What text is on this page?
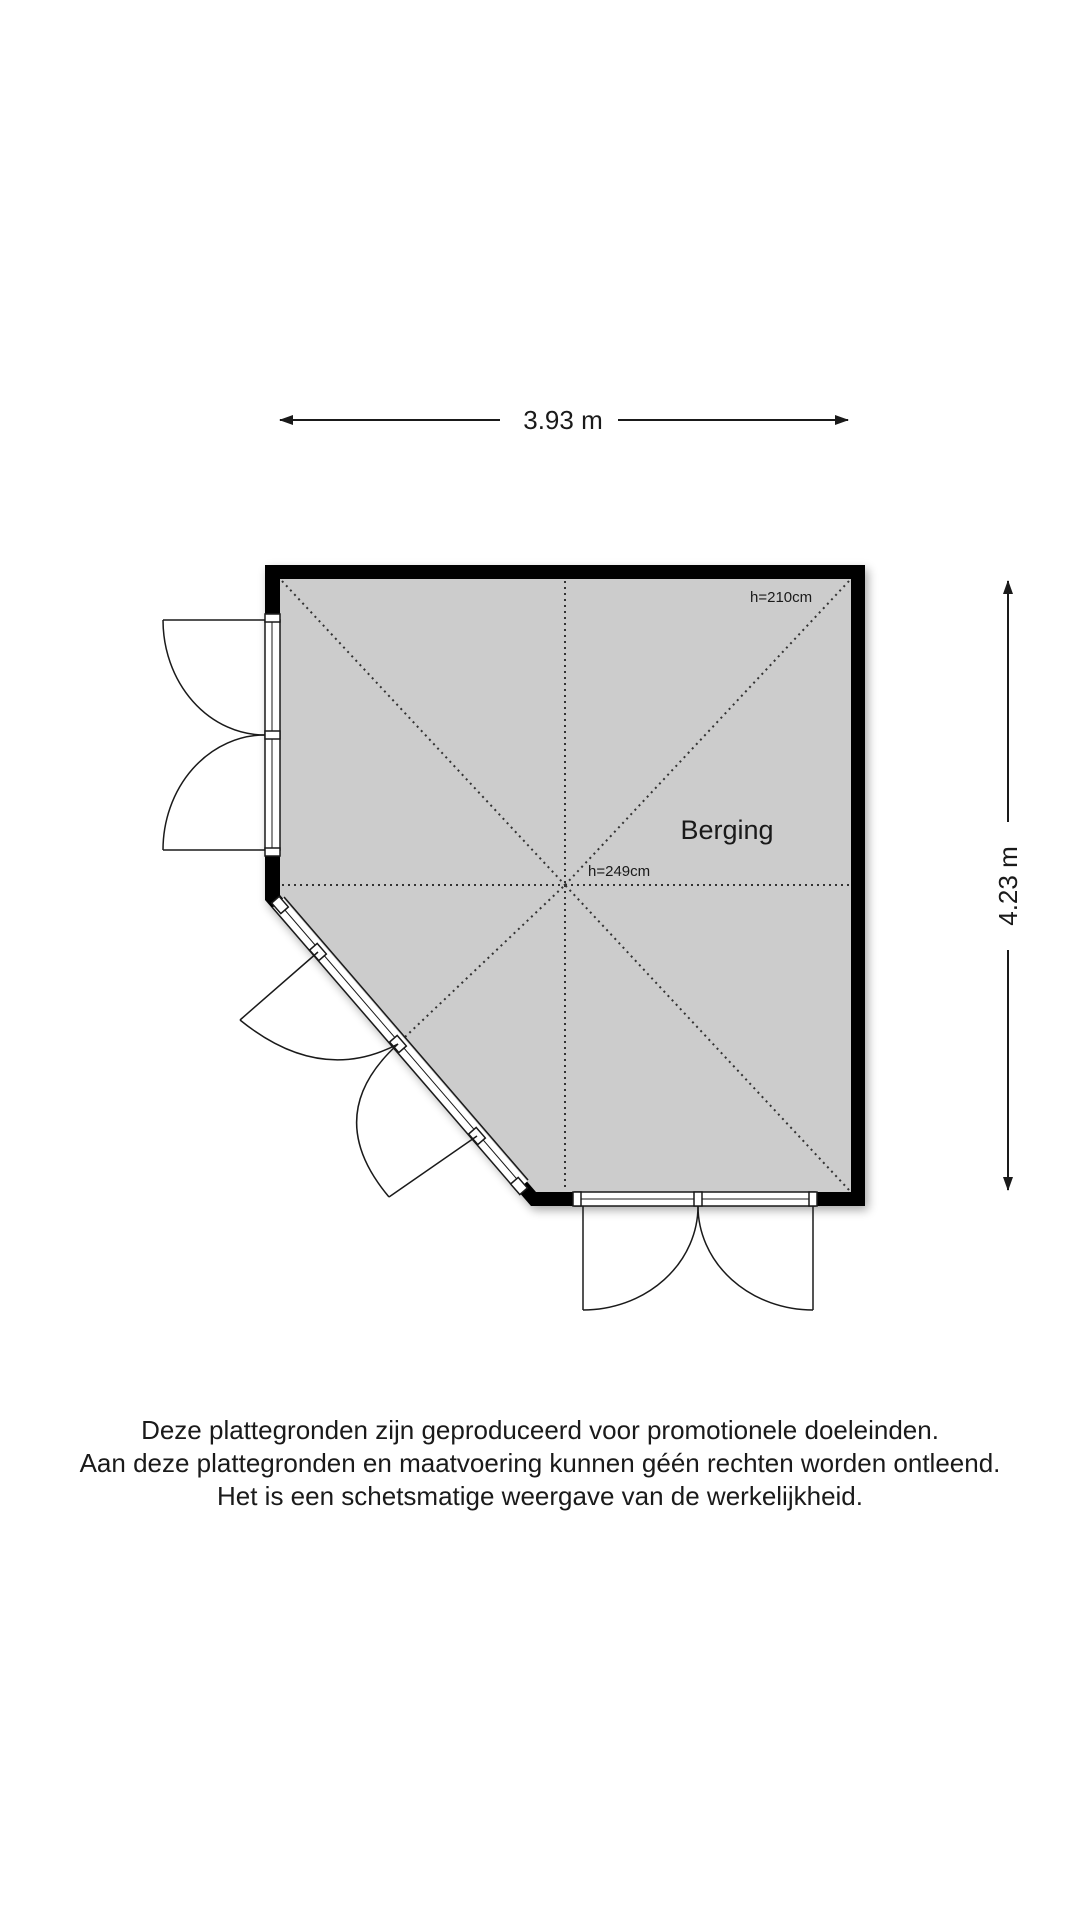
3.93 m
4.23 m
Berging
h=249cm
h=210cm
Deze plattegronden zijn geproduceerd voor promotionele doeleinden.
Aan deze plattegronden en maatvoering kunnen géén rechten worden ontleend.
Het is een schetsmatige weergave van de werkelijkheid.
